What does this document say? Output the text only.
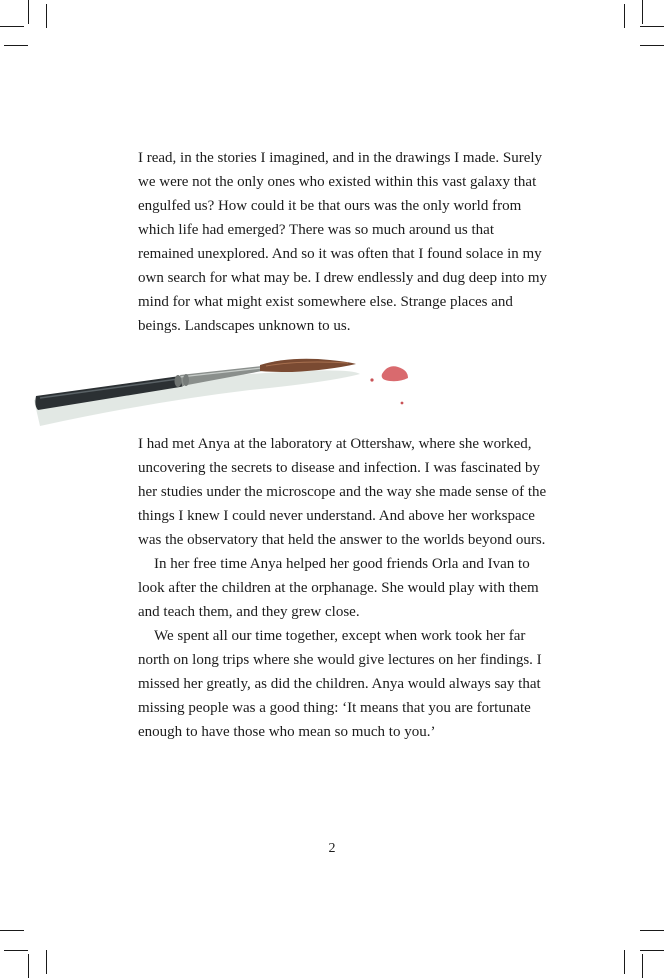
I read, in the stories I imagined, and in the drawings I made. Surely we were not the only ones who existed within this vast galaxy that engulfed us? How could it be that ours was the only world from which life had emerged? There was so much around us that remained unexplored. And so it was often that I found solace in my own search for what may be. I drew endlessly and dug deep into my mind for what might exist somewhere else. Strange places and beings. Landscapes unknown to us.

I had met Anya at the laboratory at Ottershaw, where she worked, uncovering the secrets to disease and infection. I was fascinated by her studies under the microscope and the way she made sense of the things I knew I could never understand. And above her workspace was the observatory that held the answer to the worlds beyond ours.

In her free time Anya helped her good friends Orla and Ivan to look after the children at the orphanage. She would play with them and teach them, and they grew close.

We spent all our time together, except when work took her far north on long trips where she would give lectures on her findings. I missed her greatly, as did the children. Anya would always say that missing people was a good thing: ‘It means that you are fortunate enough to have those who mean so much to you.’

2
